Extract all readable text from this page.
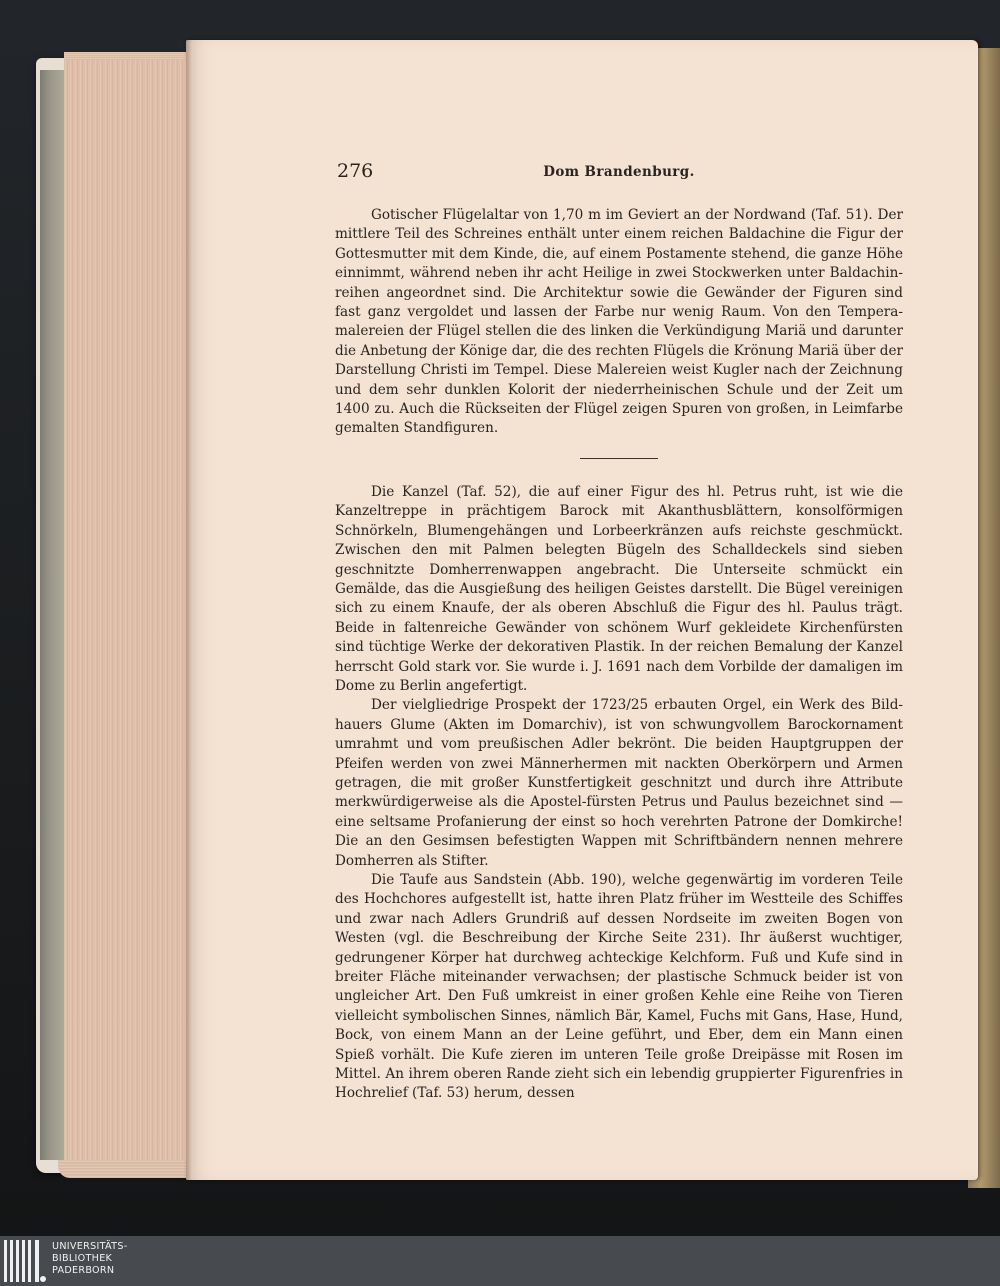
276	Dom Brandenburg.

Gotischer Flügelaltar von 1,70 m im Geviert an der Nordwand (Taf. 51). Der mittlere Teil des Schreines enthält unter einem reichen Baldachine die Figur der Gottesmutter mit dem Kinde, die, auf einem Postamente stehend, die ganze Höhe einnimmt, während neben ihr acht Heilige in zwei Stockwerken unter Baldachin-reihen angeordnet sind. Die Architektur sowie die Gewänder der Figuren sind fast ganz vergoldet und lassen der Farbe nur wenig Raum. Von den Tempera-malereien der Flügel stellen die des linken die Verkündigung Mariä und darunter die Anbetung der Könige dar, die des rechten Flügels die Krönung Mariä über der Darstellung Christi im Tempel. Diese Malereien weist Kugler nach der Zeichnung und dem sehr dunklen Kolorit der niederrheinischen Schule und der Zeit um 1400 zu. Auch die Rückseiten der Flügel zeigen Spuren von großen, in Leimfarbe gemalten Standfiguren.

Die Kanzel (Taf. 52), die auf einer Figur des hl. Petrus ruht, ist wie die Kanzeltreppe in prächtigem Barock mit Akanthusblättern, konsolförmigen Schnörkeln, Blumengehängen und Lorbeerkränzen aufs reichste geschmückt. Zwischen den mit Palmen belegten Bügeln des Schalldeckels sind sieben geschnitzte Domherrenwappen angebracht. Die Unterseite schmückt ein Gemälde, das die Ausgießung des heiligen Geistes darstellt. Die Bügel vereinigen sich zu einem Knaufe, der als oberen Abschluß die Figur des hl. Paulus trägt. Beide in faltenreiche Gewänder von schönem Wurf gekleidete Kirchenfürsten sind tüchtige Werke der dekorativen Plastik. In der reichen Bemalung der Kanzel herrscht Gold stark vor. Sie wurde i. J. 1691 nach dem Vorbilde der damaligen im Dome zu Berlin angefertigt.

Der vielgliedrige Prospekt der 1723/25 erbauten Orgel, ein Werk des Bild-hauers Glume (Akten im Domarchiv), ist von schwungvollem Barockornament umrahmt und vom preußischen Adler bekrönt. Die beiden Hauptgruppen der Pfeifen werden von zwei Männerhermen mit nackten Oberkörpern und Armen getragen, die mit großer Kunstfertigkeit geschnitzt und durch ihre Attribute merkwürdigerweise als die Apostel-fürsten Petrus und Paulus bezeichnet sind — eine seltsame Profanierung der einst so hoch verehrten Patrone der Domkirche! Die an den Gesimsen befestigten Wappen mit Schriftbändern nennen mehrere Domherren als Stifter.

Die Taufe aus Sandstein (Abb. 190), welche gegenwärtig im vorderen Teile des Hochchores aufgestellt ist, hatte ihren Platz früher im Westteile des Schiffes und zwar nach Adlers Grundriß auf dessen Nordseite im zweiten Bogen von Westen (vgl. die Beschreibung der Kirche Seite 231). Ihr äußerst wuchtiger, gedrungener Körper hat durchweg achteckige Kelchform. Fuß und Kufe sind in breiter Fläche miteinander verwachsen; der plastische Schmuck beider ist von ungleicher Art. Den Fuß umkreist in einer großen Kehle eine Reihe von Tieren vielleicht symbolischen Sinnes, nämlich Bär, Kamel, Fuchs mit Gans, Hase, Hund, Bock, von einem Mann an der Leine geführt, und Eber, dem ein Mann einen Spieß vorhält. Die Kufe zieren im unteren Teile große Dreipässe mit Rosen im Mittel. An ihrem oberen Rande zieht sich ein lebendig gruppierter Figurenfries in Hochrelief (Taf. 53) herum, dessen

UNIVERSITÄTS-
BIBLIOTHEK
PADERBORN
